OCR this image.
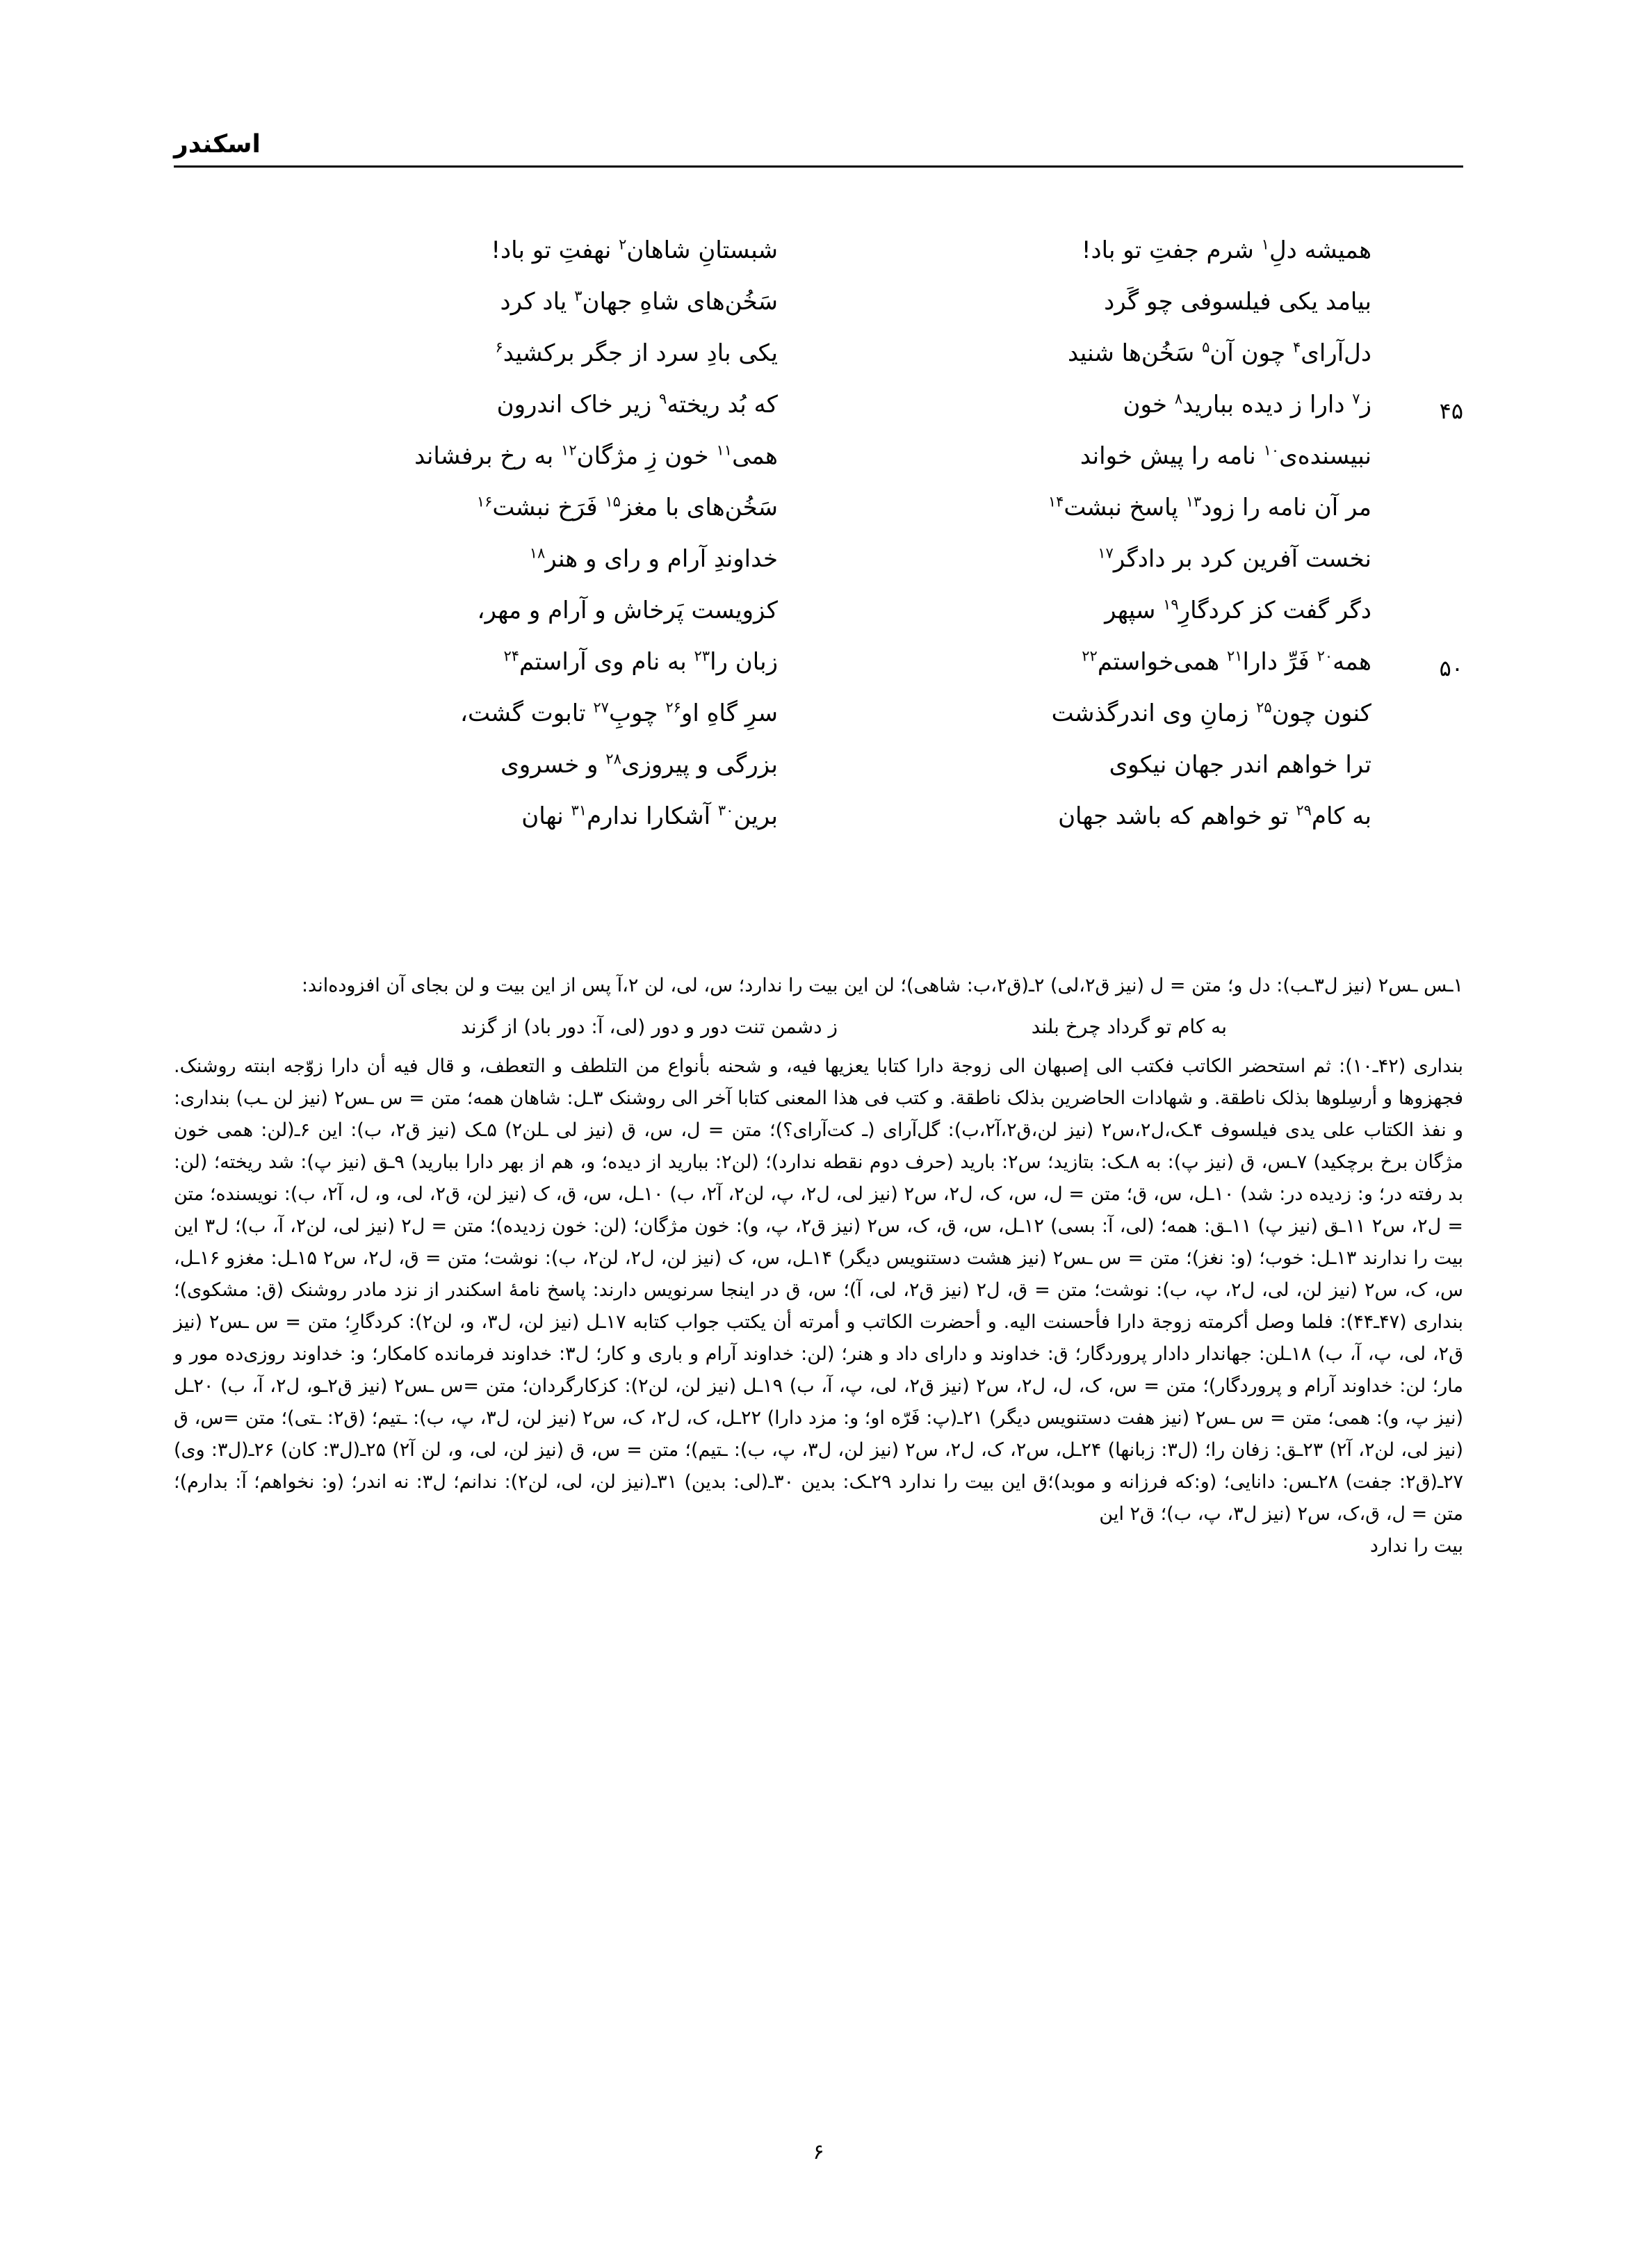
اسکندر
همیشه دلِ$^۱$ شرم جفتِ تو باد!
شبستانِ شاهان$^۲$ نهفتِ تو باد!
بیامد یکی فیلسوفی چو گَرد
سَخُن‌های شاهِ جهان$^۳$ یاد کرد
دل‌آرای$^۴$ چون آن$^۵$ سَخُن‌ها شنید
یکی بادِ سرد از جگر برکشید$^۶$
۴۵
ز$^۷$ دارا ز دیده ببارید$^۸$ خون
که بُد ریخته$^۹$ زیر خاک اندرون
نبیسنده‌ی$^{۱۰}$ نامه را پیش خواند
همی$^{۱۱}$ خون زِ مژگان$^{۱۲}$ به رخ برفشاند
مر آن نامه را زود$^{۱۳}$ پاسخ نبشت$^{۱۴}$
سَخُن‌های با مغز$^{۱۵}$ فَرَخ نبشت$^{۱۶}$
نخست آفرین کرد بر دادگر$^{۱۷}$
خداوندِ آرام و رای و هنر$^{۱۸}$
دگر گفت کز کردگارِ$^{۱۹}$ سپهر
کزویست پَرخاش و آرام و مهر،
۵۰
همه$^{۲۰}$ فَرِّ دارا$^{۲۱}$ همی‌خواستم$^{۲۲}$
زبان را$^{۲۳}$ به نام وی آراستم$^{۲۴}$
کنون چون$^{۲۵}$ زمانِ وی اندرگذشت
سرِ گاهِ او$^{۲۶}$ چوبِ$^{۲۷}$ تابوت گشت،
ترا خواهم اندر جهان نیکوی
بزرگی و پیروزی$^{۲۸}$ و خسروی
به کام$^{۲۹}$ تو خواهم که باشد جهان
برین$^{۳۰}$ آشکارا ندارم$^{۳۱}$ نهان
۱ـس ـس۲ (نیز ل۳ـب): دل و؛ متن = ل (نیز ق۲،لی) ۲ـ(ق۲،ب: شاهی)؛ لن این بیت را ندارد؛ س، لی، لن ۲،آ پس از این بیت و لن بجای آن افزوده‌اند:
به کام تو گرداد چرخ بلند
ز دشمن تنت دور و دور (لی، آ: دور باد) از گزند
بنداری (۴۲ـ۱۰): ثم استحضر الکاتب فکتب الی إصبهان الی زوجة دارا کتابا یعزیها فیه، و شحنه بأنواع من التلطف و التعطف، و قال فیه أن دارا زوّجه ابنته روشنک. فجهزوها و أرسِلوها بذلک ناطقة. و شهادات الحاضرین بذلک ناطقة. و کتب فی هذا المعنی کتابا آخر الی روشنک ۳ـل: شاهان همه؛ متن = س ـس۲ (نیز لن ـب) بنداری: و نفذ الکتاب علی یدی فیلسوف ۴ـک،ل۲،س۲ (نیز لن،ق۲،آ۲،ب): گل‌آرای (ـ کت‌آرای؟)؛ متن = ل، س، ق (نیز لی ـلن۲) ۵ـک (نیز ق۲، ب): این ۶ـ(لن: همی خون مژگان برخ برچکید) ۷ـس، ق (نیز پ): به ۸ـک: بتازید؛ س۲: بارید (حرف دوم نقطه ندارد)؛ (لن۲: ببارید از دیده؛ و، هم از بهر دارا ببارید) ۹ـق (نیز پ): شد ریخته؛ (لن: بد رفته در؛ و: زدیده در: شد) ۱۰ـل، س، ق؛ متن = ل، س، ک، ل۲، س۲ (نیز لی، ل۲، پ، لن۲، آ۲، ب) ۱۰ـل، س، ق، ک (نیز لن، ق۲، لی، و، ل، آ۲، ب): نویسنده؛ متن = ل۲، س۲ ۱۱ـق (نیز پ) ۱۱ـق: همه؛ (لی، آ: بسی) ۱۲ـل، س، ق، ک، س۲ (نیز ق۲، پ، و): خون مژگان؛ (لن: خون زدیده)؛ متن = ل۲ (نیز لی، لن۲، آ، ب)؛ ل۳ این بیت را ندارند ۱۳ـل: خوب؛ (و: نغز)؛ متن = س ـس۲ (نیز هشت دستنویس دیگر) ۱۴ـل، س، ک (نیز لن، ل۲، لن۲، ب): نوشت؛ متن = ق، ل۲، س۲ ۱۵ـل: مغزو ۱۶ـل، س، ک، س۲ (نیز لن، لی، ل۲، پ، ب): نوشت؛ متن = ق، ل۲ (نیز ق۲، لی، آ)؛ س، ق در اینجا سرنویس دارند: پاسخ نامهٔ اسکندر از نزد مادر روشنک (ق: مشکوی)؛ بنداری (۴۷ـ۴۴): فلما وصل أکرمته زوجة دارا فأحسنت الیه. و أحضرت الکاتب و أمرته أن یکتب جواب کتابه ۱۷ـل (نیز لن، ل۳، و، لن۲): کردگارِ؛ متن = س ـس۲ (نیز ق۲، لی، پ، آ، ب) ۱۸ـلن: جهاندار دادار پروردگار؛ ق: خداوند و دارای داد و هنر؛ (لن: خداوند آرام و باری و کار؛ ل۳: خداوند فرمانده کامکار؛ و: خداوند روزی‌ده مور و مار؛ لن: خداوند آرام و پروردگار)؛ متن = س، ک، ل، ل۲، س۲ (نیز ق۲، لی، پ، آ، ب) ۱۹ـل (نیز لن، لن۲): کزکارگردان؛ متن =س ـس۲ (نیز ق۲ـو، ل۲، آ، ب) ۲۰ـل (نیز پ، و): همی؛ متن = س ـس۲ (نیز هفت دستنویس دیگر) ۲۱ـ(پ: فَرّه او؛ و: مزد دارا) ۲۲ـل، ک، ل۲، ک، س۲ (نیز لن، ل۳، پ، ب): ـتیم؛ (ق۲: ـتی)؛ متن =س، ق (نیز لی، لن۲، آ۲) ۲۳ـق: زفان را؛ (ل۳: زبانها) ۲۴ـل، س۲، ک، ل۲، س۲ (نیز لن، ل۳، پ، ب): ـتیم)؛ متن = س، ق (نیز لن، لی، و، لن آ۲) ۲۵ـ(ل۳: کان) ۲۶ـ(ل۳: وی) ۲۷ـ(ق۲: جفت) ۲۸ـس: دانایی؛ (و:که فرزانه و موبد)؛ق این بیت را ندارد ۲۹ـک: بدین ۳۰ـ(لی: بدین) ۳۱ـ(نیز لن، لی، لن۲): ندانم؛ ل۳: نه اندر؛ (و: نخواهم؛ آ: بدارم)؛ متن = ل، ق،ک، س۲ (نیز ل۳، پ، ب)؛ ق۲ این
بیت را ندارد
۶
